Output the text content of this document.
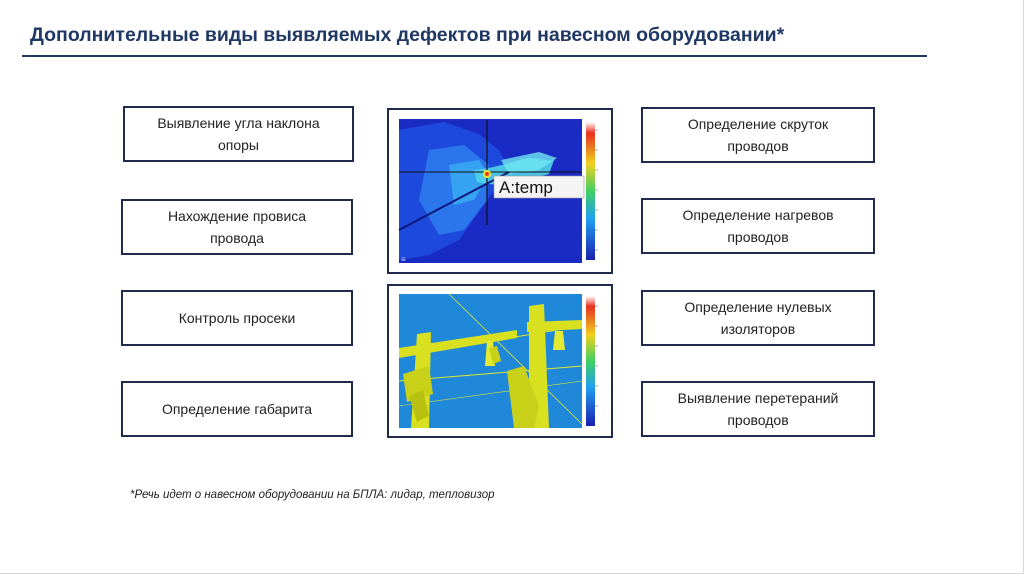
Дополнительные виды выявляемых дефектов при навесном оборудовании*
Выявление угла наклона
опоры
Нахождение провиса
провода
Контроль просеки
Определение габарита
Определение скруток
проводов
Определение нагревов
проводов
Определение нулевых
изоляторов
Выявление перетераний
проводов
A:temp
≡
*Речь идет о навесном оборудовании на БПЛА: лидар, тепловизор
